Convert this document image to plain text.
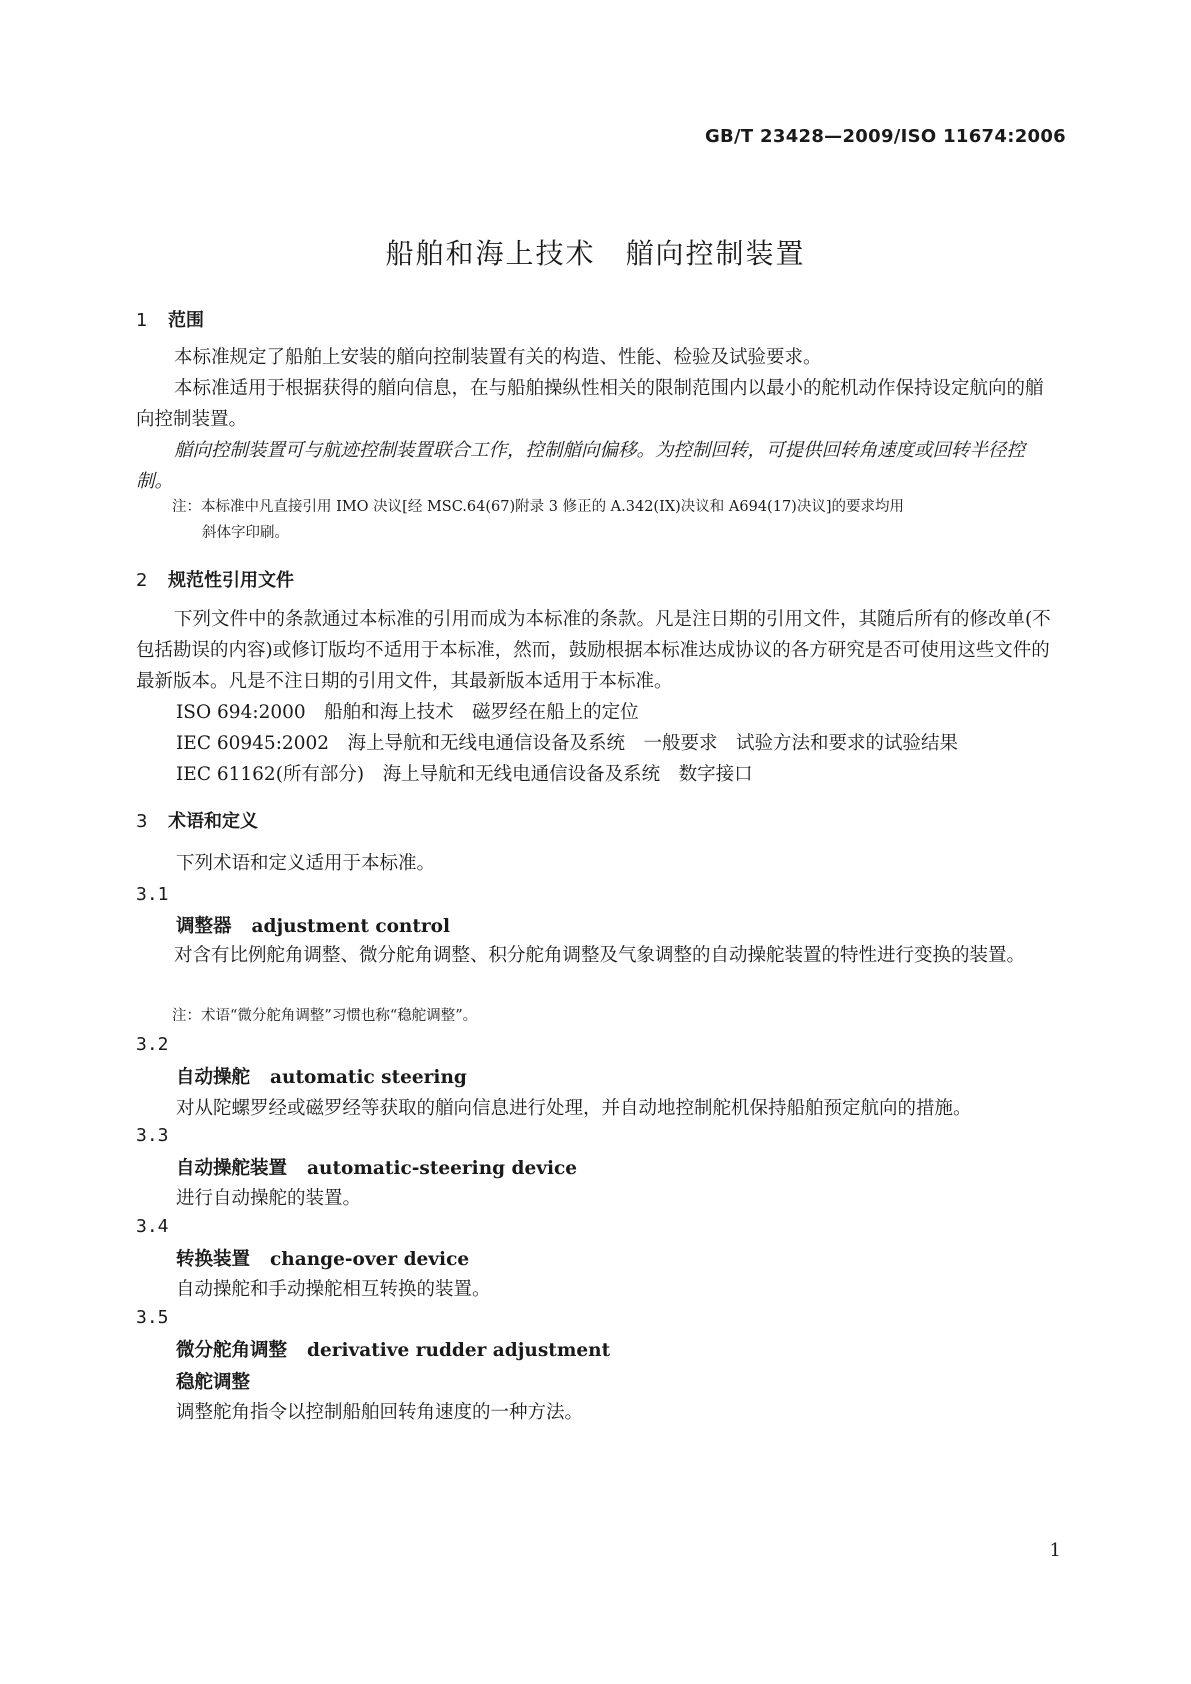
GB/T 23428—2009/ISO 11674:2006
船舶和海上技术　艏向控制装置
1 范围

本标准规定了船舶上安装的艏向控制装置有关的构造、性能、检验及试验要求。

本标准适用于根据获得的艏向信息，在与船舶操纵性相关的限制范围内以最小的舵机动作保持设定航向的艏向控制装置。

艏向控制装置可与航迹控制装置联合工作，控制艏向偏移。为控制回转，可提供回转角速度或回转半径控制。

注：本标准中凡直接引用 IMO 决议[经 MSC.64(67)附录 3 修正的 A.342(IX)决议和 A694(17)决议]的要求均用
斜体字印刷。
2 规范性引用文件

下列文件中的条款通过本标准的引用而成为本标准的条款。凡是注日期的引用文件，其随后所有的修改单(不包括勘误的内容)或修订版均不适用于本标准，然而，鼓励根据本标准达成协议的各方研究是否可使用这些文件的最新版本。凡是不注日期的引用文件，其最新版本适用于本标准。

ISO 694:2000　船舶和海上技术　磁罗经在船上的定位
IEC 60945:2002　海上导航和无线电通信设备及系统　一般要求　试验方法和要求的试验结果
IEC 61162(所有部分)　海上导航和无线电通信设备及系统　数字接口
3 术语和定义
下列术语和定义适用于本标准。
3.1
调整器 adjustment control

对含有比例舵角调整、微分舵角调整、积分舵角调整及气象调整的自动操舵装置的特性进行变换的装置。

注：术语“微分舵角调整”习惯也称“稳舵调整”。
3.2
自动操舵 automatic steering
对从陀螺罗经或磁罗经等获取的艏向信息进行处理，并自动地控制舵机保持船舶预定航向的措施。
3.3
自动操舵装置 automatic-steering device
进行自动操舵的装置。
3.4
转换装置 change-over device
自动操舵和手动操舵相互转换的装置。
3.5
微分舵角调整 derivative rudder adjustment
稳舵调整
调整舵角指令以控制船舶回转角速度的一种方法。
1
